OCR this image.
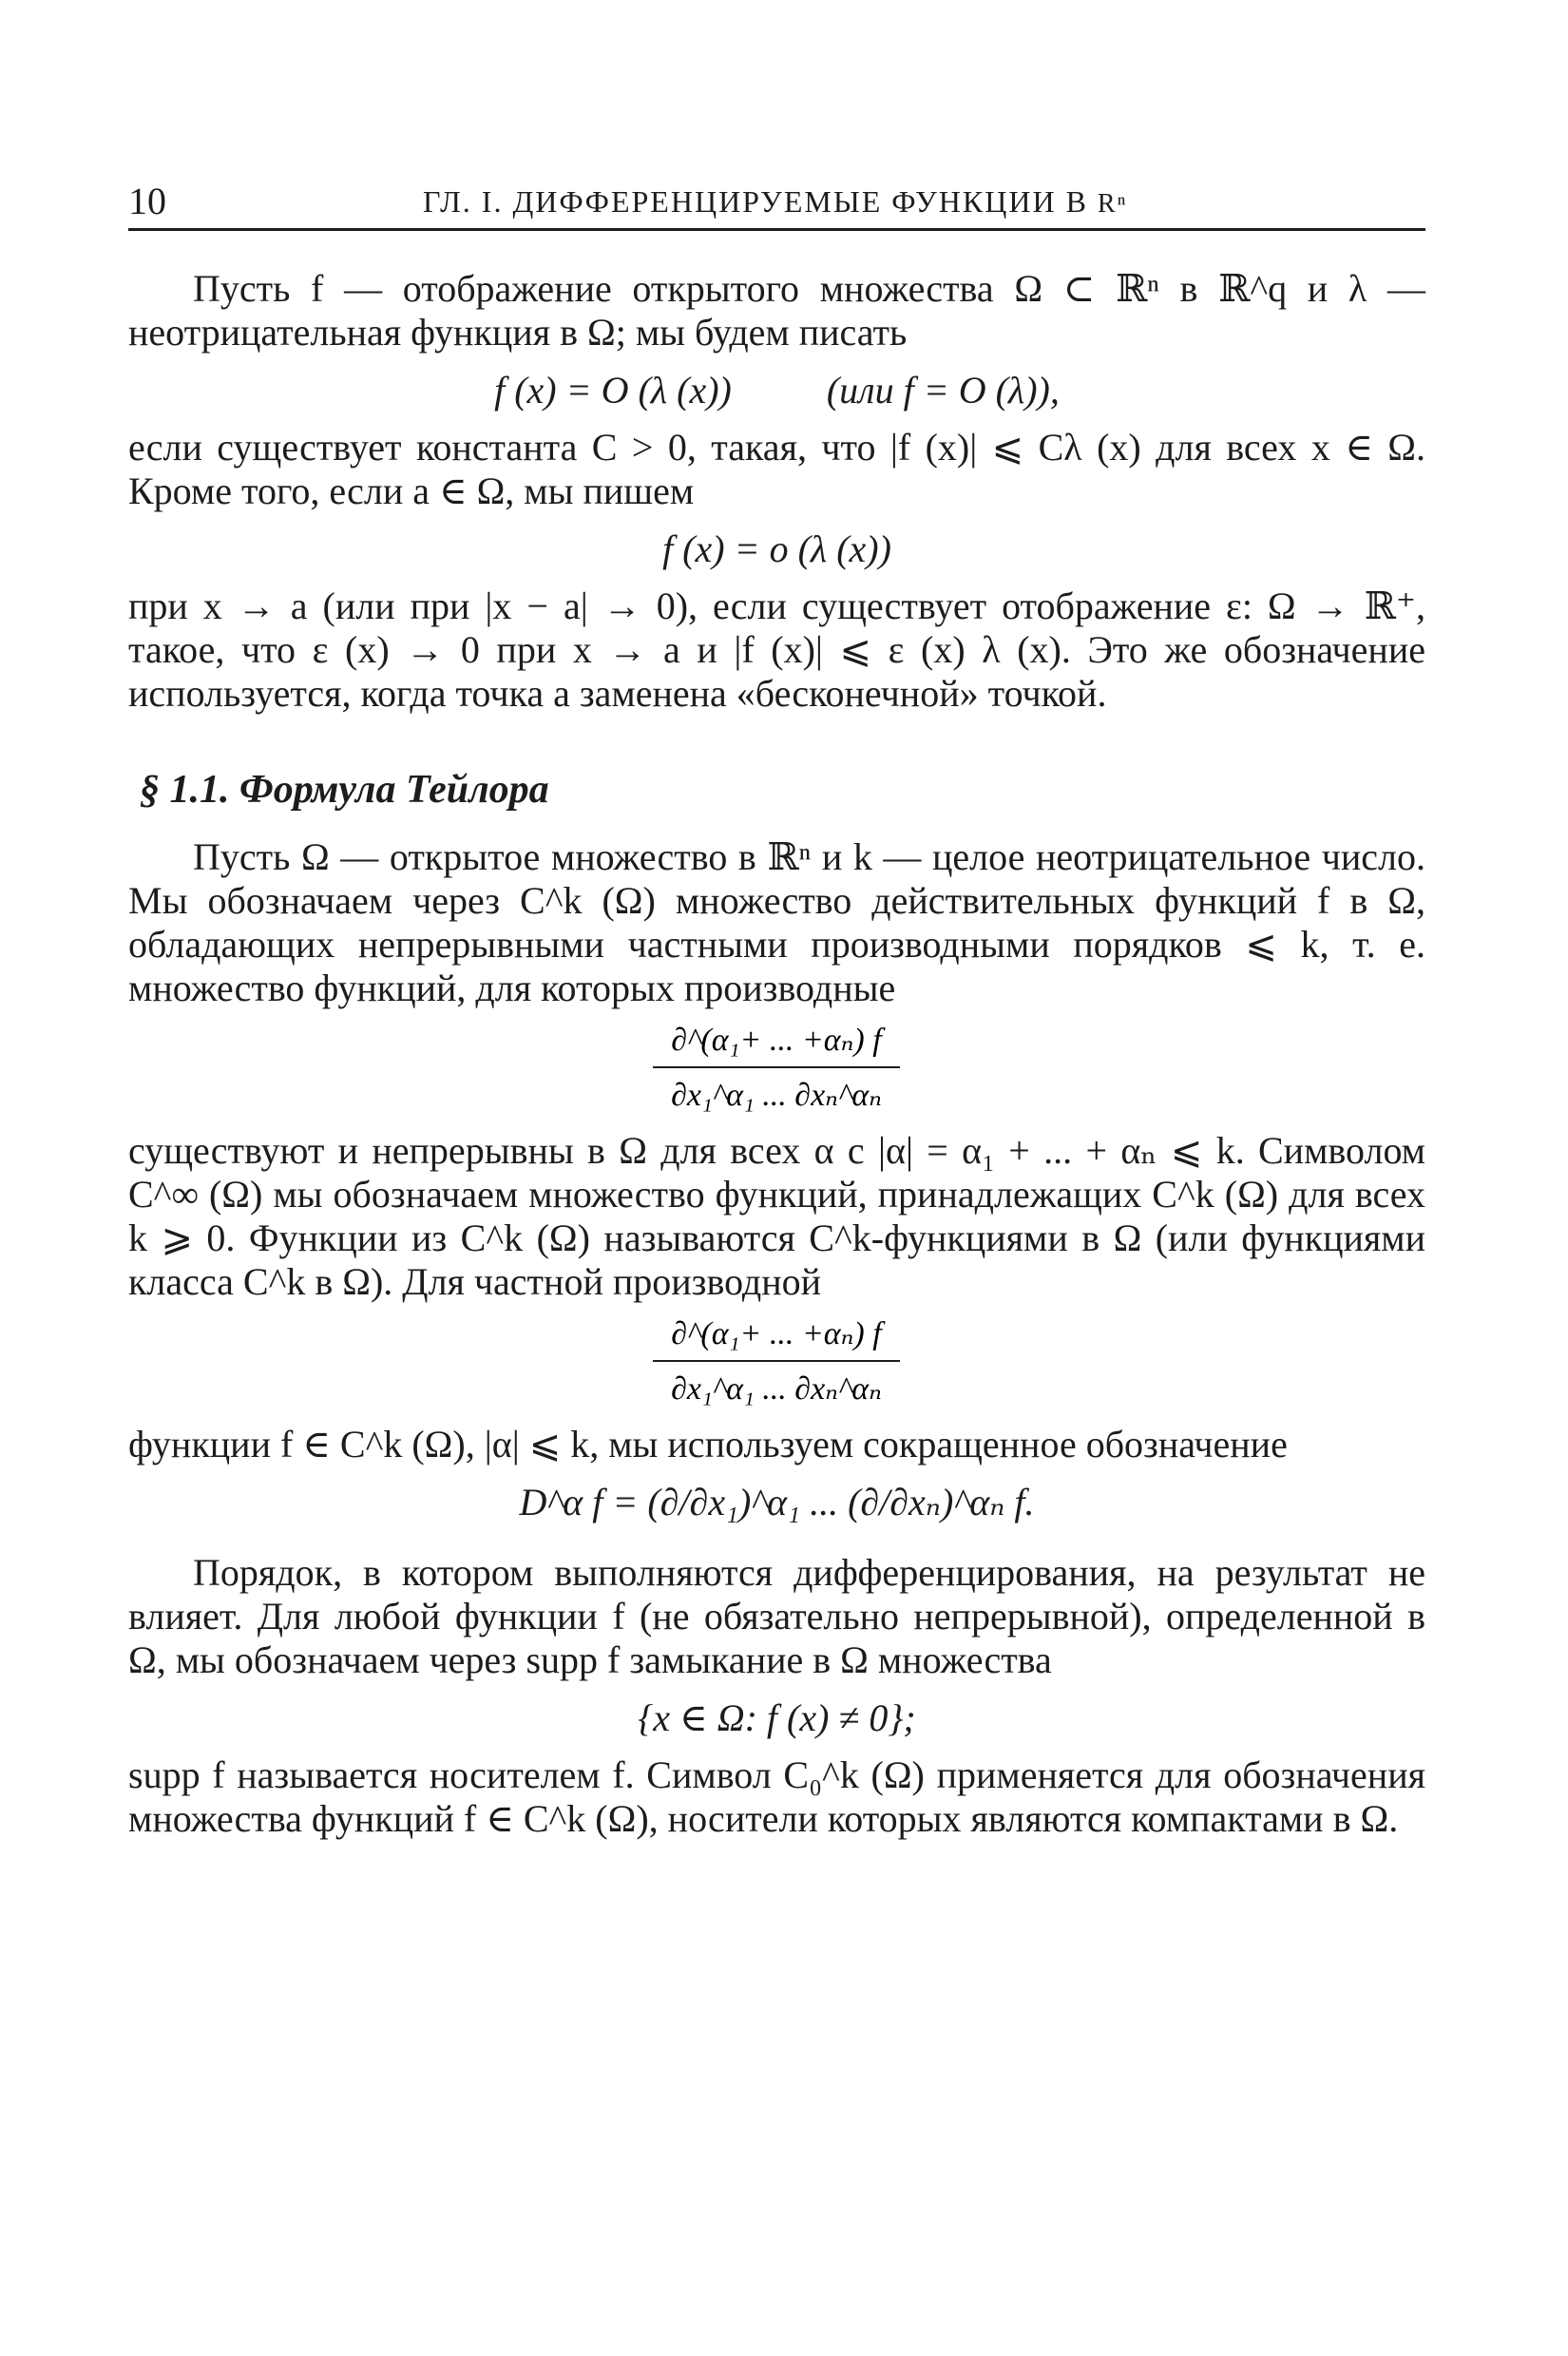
10	ГЛ. I. ДИФФЕРЕНЦИРУЕМЫЕ ФУНКЦИИ В Rⁿ

Пусть f — отображение открытого множества Ω ⊂ ℝⁿ в ℝ^q и λ — неотрицательная функция в Ω; мы будем писать

f (x) = O (λ (x))          (или f = O (λ)),

если существует константа C > 0, такая, что |f (x)| ⩽ Cλ (x) для всех x ∈ Ω. Кроме того, если a ∈ Ω, мы пишем

f (x) = o (λ (x))

при x → a (или при |x − a| → 0), если существует отображение ε: Ω → ℝ⁺, такое, что ε (x) → 0 при x → a и |f (x)| ⩽ ε (x) λ (x). Это же обозначение используется, когда точка a заменена «бесконечной» точкой.

§ 1.1. Формула Тейлора

Пусть Ω — открытое множество в ℝⁿ и k — целое неотрицательное число. Мы обозначаем через C^k (Ω) множество действительных функций f в Ω, обладающих непрерывными частными производными порядков ⩽ k, т. е. множество функций, для которых производные

∂^(α₁+ ... +αₙ) f
∂x₁^α₁ ... ∂xₙ^αₙ

существуют и непрерывны в Ω для всех α с |α| = α₁ + ... + αₙ ⩽ k. Символом C^∞ (Ω) мы обозначаем множество функций, принадлежащих C^k (Ω) для всех k ⩾ 0. Функции из C^k (Ω) называются C^k-функциями в Ω (или функциями класса C^k в Ω). Для частной производной

∂^(α₁+ ... +αₙ) f
∂x₁^α₁ ... ∂xₙ^αₙ

функции f ∈ C^k (Ω), |α| ⩽ k, мы используем сокращенное обозначение

D^α f = (∂/∂x₁)^α₁ ... (∂/∂xₙ)^αₙ f.

Порядок, в котором выполняются дифференцирования, на результат не влияет. Для любой функции f (не обязательно непрерывной), определенной в Ω, мы обозначаем через supp f замыкание в Ω множества

{x ∈ Ω: f (x) ≠ 0};

supp f называется носителем f. Символ C₀^k (Ω) применяется для обозначения множества функций f ∈ C^k (Ω), носители которых являются компактами в Ω.
